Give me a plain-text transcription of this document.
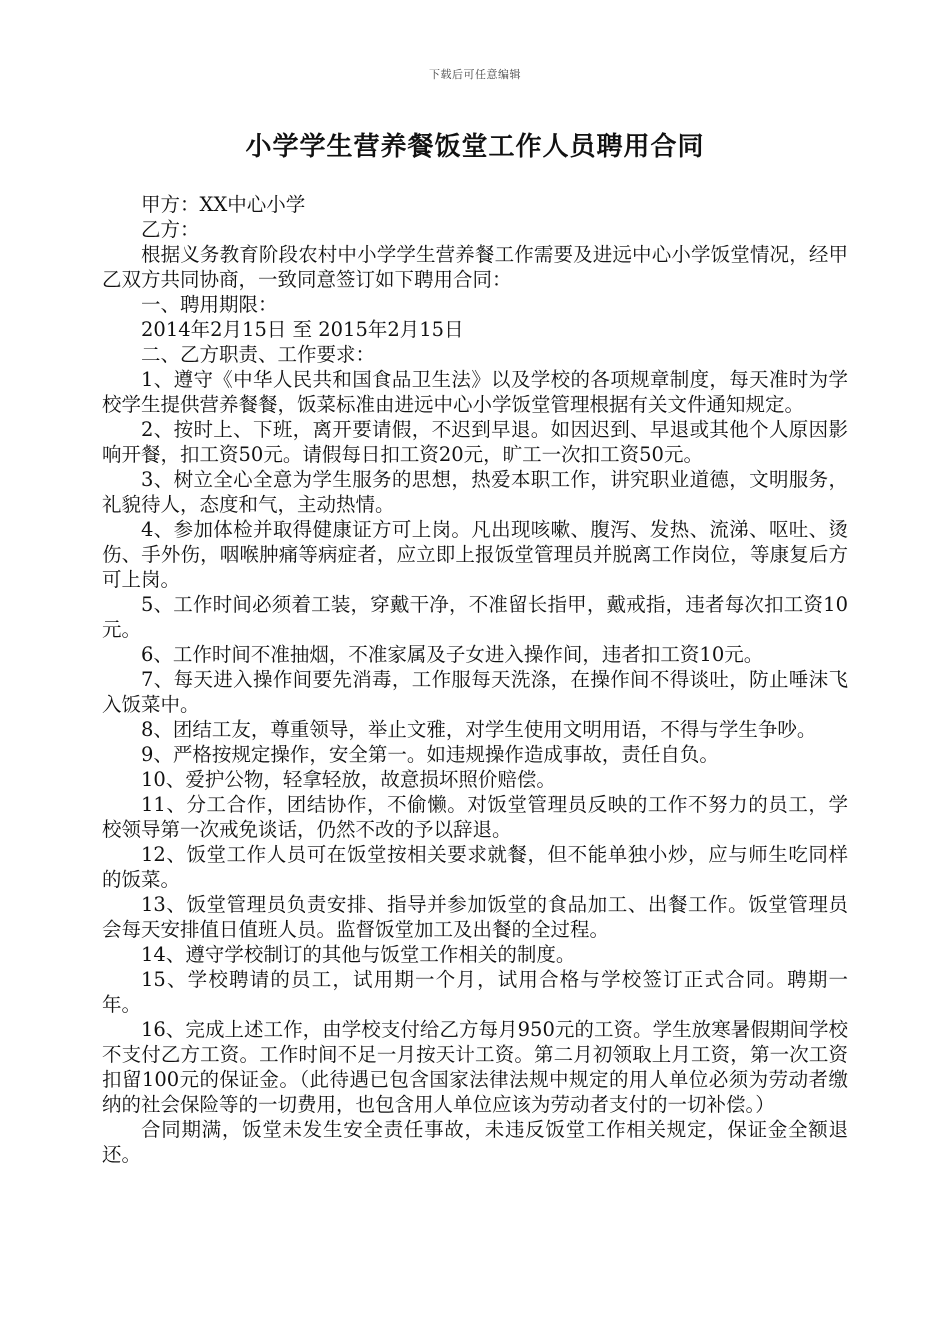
下载后可任意编辑
小学学生营养餐饭堂工作人员聘用合同

甲方：XX中心小学

乙方：

根据义务教育阶段农村中小学学生营养餐工作需要及进远中心小学饭堂情况，经甲乙双方共同协商，一致同意签订如下聘用合同：

一、聘用期限：

2014年2月15日 至 2015年2月15日

二、乙方职责、工作要求：

1、遵守《中华人民共和国食品卫生法》以及学校的各项规章制度，每天准时为学校学生提供营养餐餐，饭菜标准由进远中心小学饭堂管理根据有关文件通知规定。

2、按时上、下班，离开要请假，不迟到早退。如因迟到、早退或其他个人原因影响开餐，扣工资50元。请假每日扣工资20元，旷工一次扣工资50元。

3、树立全心全意为学生服务的思想，热爱本职工作，讲究职业道德，文明服务，礼貌待人，态度和气，主动热情。

4、参加体检并取得健康证方可上岗。凡出现咳嗽、腹泻、发热、流涕、呕吐、烫伤、手外伤，咽喉肿痛等病症者，应立即上报饭堂管理员并脱离工作岗位，等康复后方可上岗。

5、工作时间必须着工装，穿戴干净，不准留长指甲，戴戒指，违者每次扣工资10元。

6、工作时间不准抽烟，不准家属及子女进入操作间，违者扣工资10元。

7、每天进入操作间要先消毒，工作服每天洗涤，在操作间不得谈吐，防止唾沫飞入饭菜中。

8、团结工友，尊重领导，举止文雅，对学生使用文明用语，不得与学生争吵。

9、严格按规定操作，安全第一。如违规操作造成事故，责任自负。

10、爱护公物，轻拿轻放，故意损坏照价赔偿。

11、分工合作，团结协作，不偷懒。对饭堂管理员反映的工作不努力的员工，学校领导第一次戒免谈话，仍然不改的予以辞退。

12、饭堂工作人员可在饭堂按相关要求就餐，但不能单独小炒，应与师生吃同样的饭菜。

13、饭堂管理员负责安排、指导并参加饭堂的食品加工、出餐工作。饭堂管理员会每天安排值日值班人员。监督饭堂加工及出餐的全过程。

14、遵守学校制订的其他与饭堂工作相关的制度。

15、学校聘请的员工，试用期一个月，试用合格与学校签订正式合同。聘期一年。

16、完成上述工作，由学校支付给乙方每月950元的工资。学生放寒暑假期间学校不支付乙方工资。工作时间不足一月按天计工资。第二月初领取上月工资，第一次工资扣留100元的保证金。（此待遇已包含国家法律法规中规定的用人单位必须为劳动者缴纳的社会保险等的一切费用，也包含用人单位应该为劳动者支付的一切补偿。）

合同期满，饭堂未发生安全责任事故，未违反饭堂工作相关规定，保证金全额退还。
